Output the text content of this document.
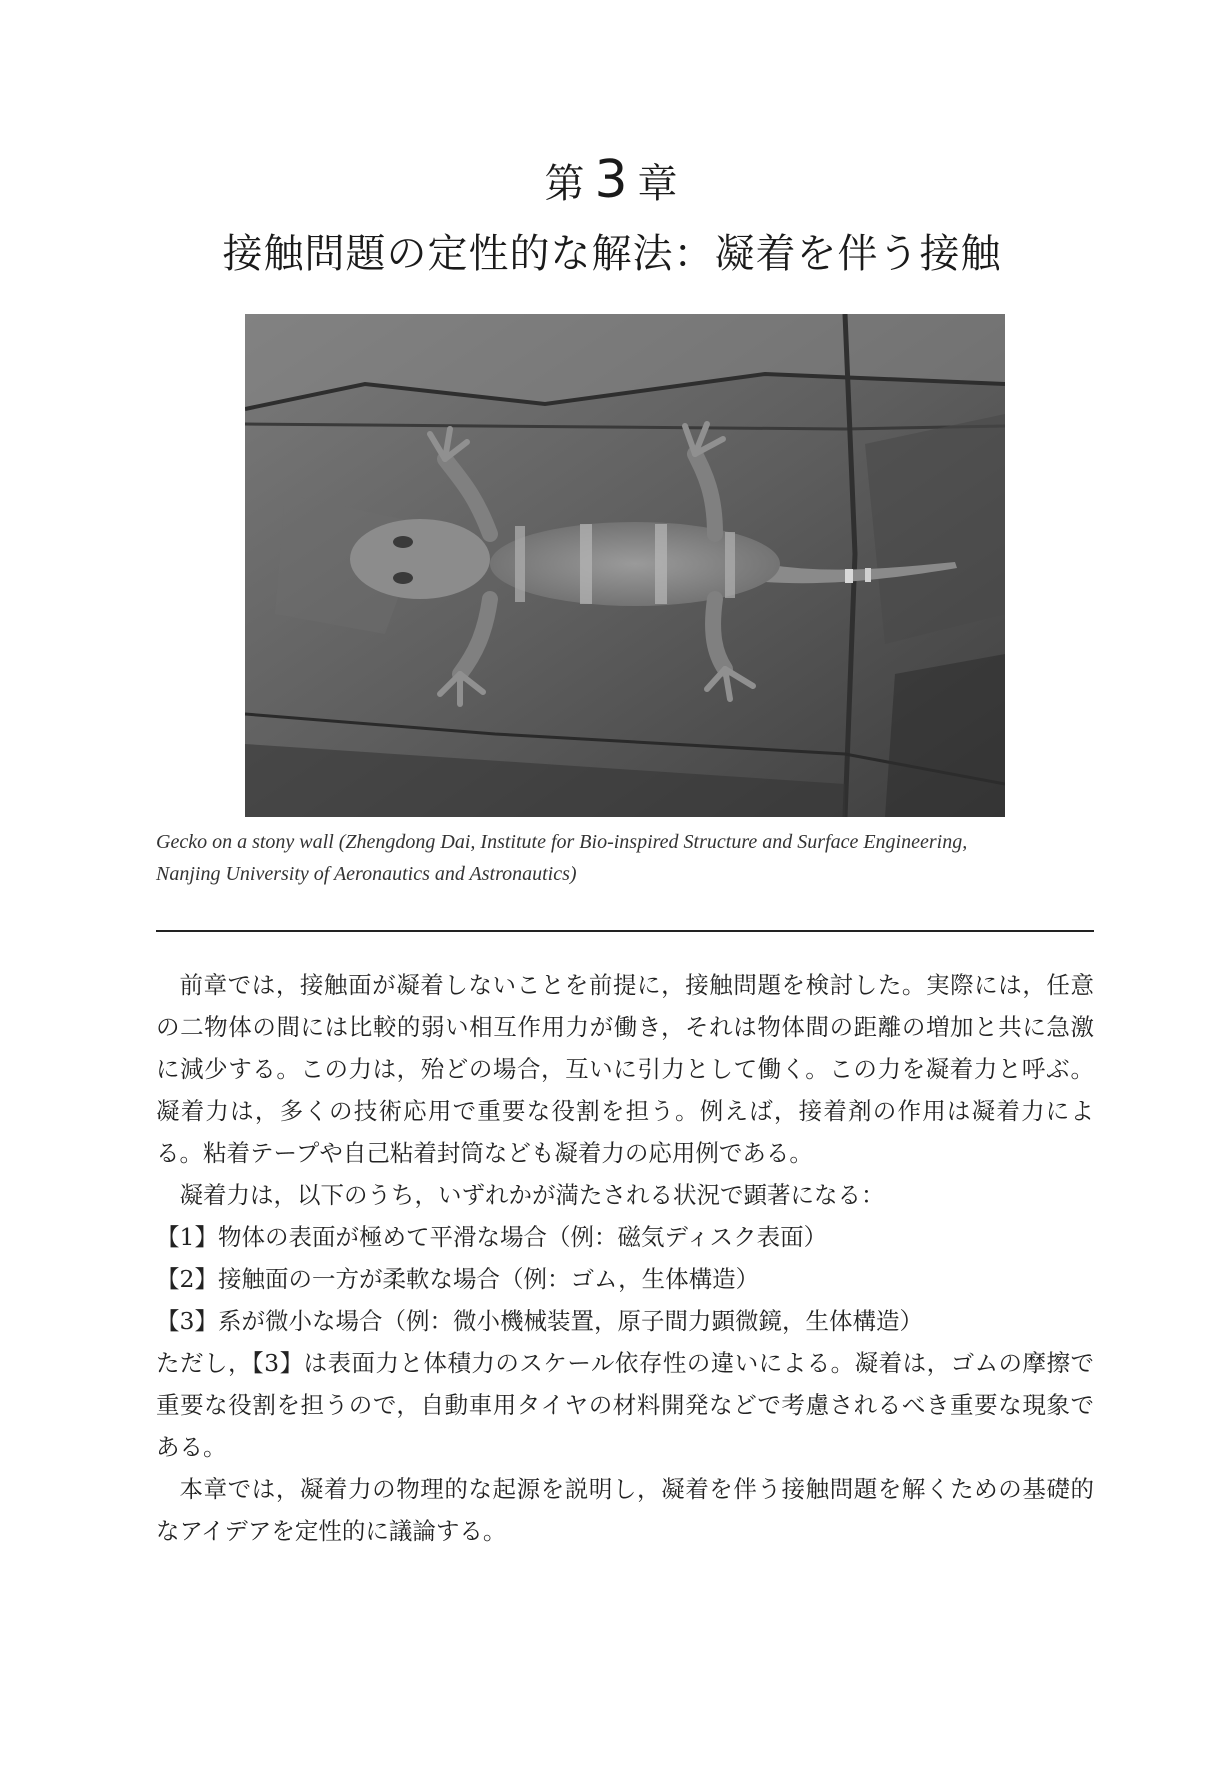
第 3 章
接触問題の定性的な解法：凝着を伴う接触
Gecko on a stony wall (Zhengdong Dai, Institute for Bio-inspired Structure and Surface Engineering,
Nanjing University of Aeronautics and Astronautics)

前章では，接触面が凝着しないことを前提に，接触問題を検討した。実際には，任意の二物体の間には比較的弱い相互作用力が働き，それは物体間の距離の増加と共に急激に減少する。この力は，殆どの場合，互いに引力として働く。この力を凝着力と呼ぶ。凝着力は，多くの技術応用で重要な役割を担う。例えば，接着剤の作用は凝着力による。粘着テープや自己粘着封筒なども凝着力の応用例である。

凝着力は，以下のうち，いずれかが満たされる状況で顕著になる：

【1】物体の表面が極めて平滑な場合（例：磁気ディスク表面）

【2】接触面の一方が柔軟な場合（例：ゴム，生体構造）

【3】系が微小な場合（例：微小機械装置，原子間力顕微鏡，生体構造）

ただし，【3】は表面力と体積力のスケール依存性の違いによる。凝着は，ゴムの摩擦で重要な役割を担うので，自動車用タイヤの材料開発などで考慮されるべき重要な現象である。

本章では，凝着力の物理的な起源を説明し，凝着を伴う接触問題を解くための基礎的なアイデアを定性的に議論する。
